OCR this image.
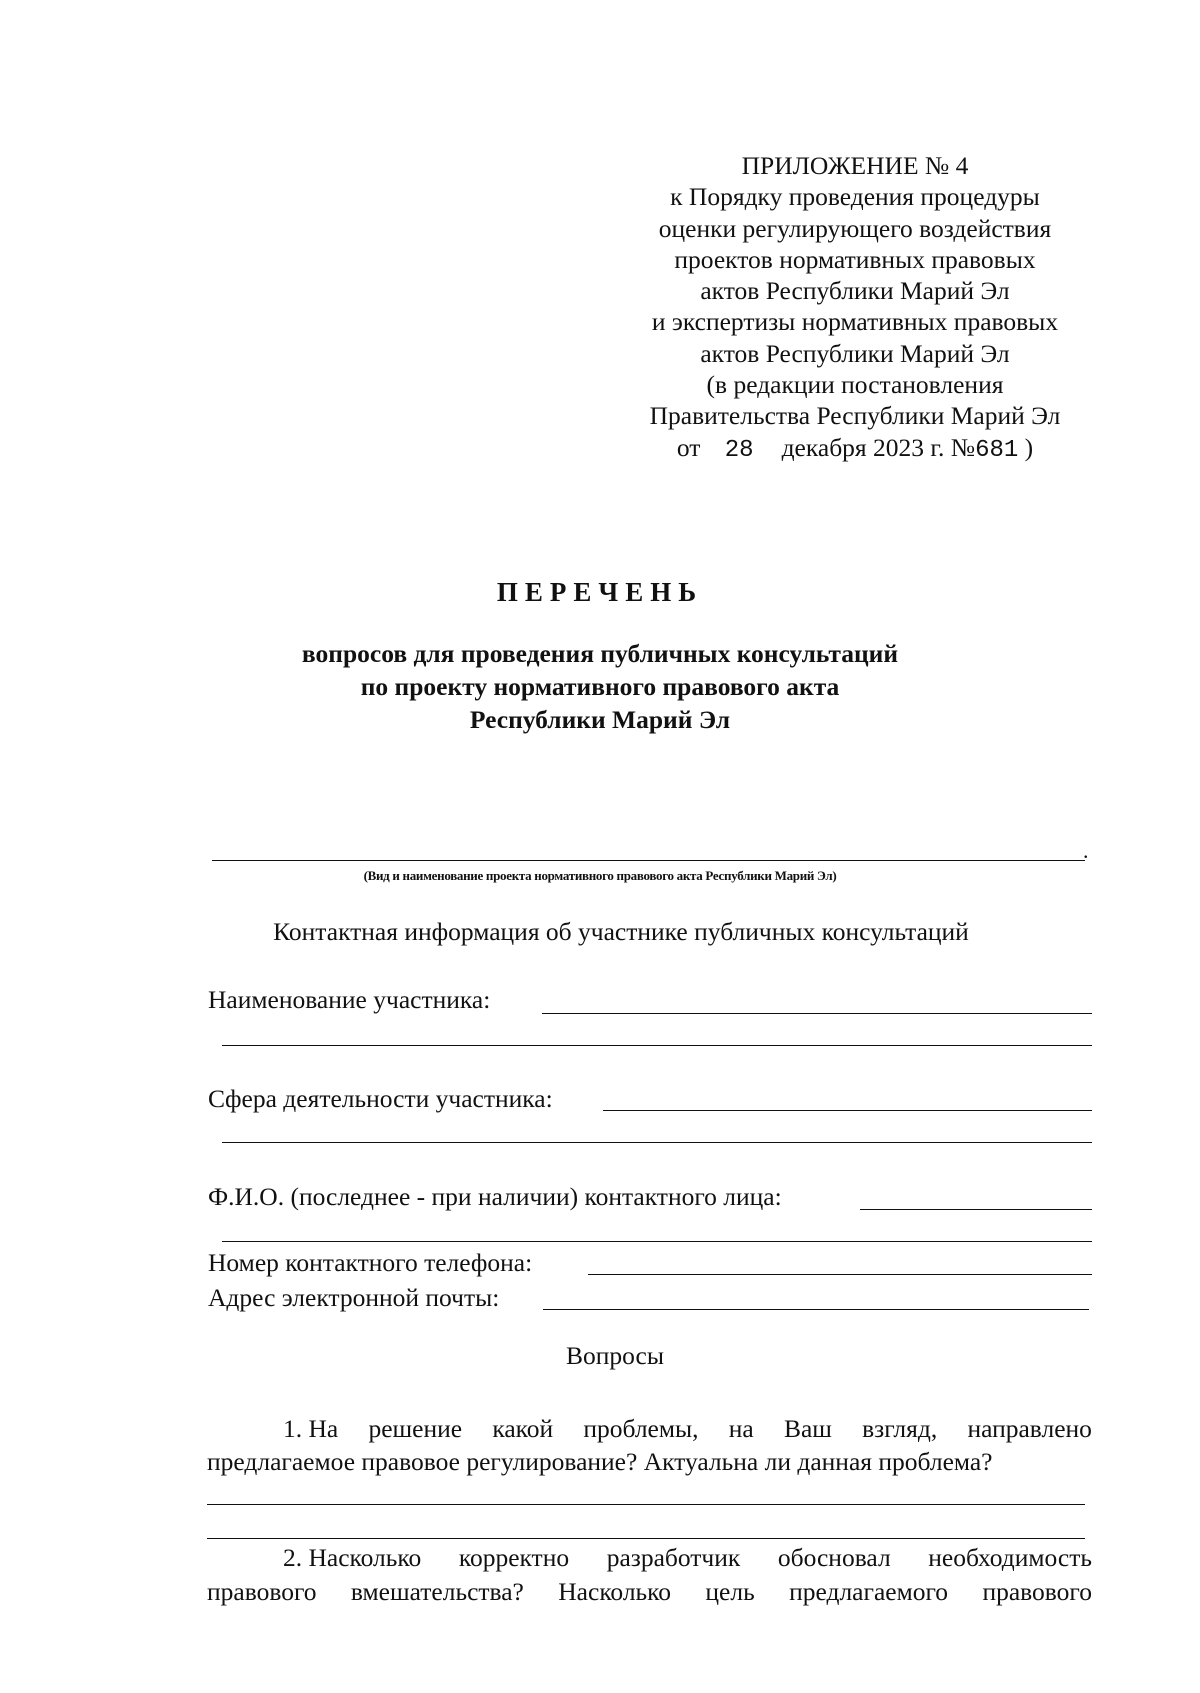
ПРИЛОЖЕНИЕ № 4
к Порядку проведения процедуры
оценки регулирующего воздействия
проектов нормативных правовых
актов Республики Марий Эл
и экспертизы нормативных правовых
актов Республики Марий Эл
(в редакции постановления
Правительства Республики Марий Эл
от 28 декабря 2023 г. №681 )
ПЕРЕЧЕНЬ
вопросов для проведения публичных консультаций
по проекту нормативного правового акта
Республики Марий Эл
.
(Вид и наименование проекта нормативного правового акта Республики Марий Эл)
Контактная информация об участнике публичных консультаций
Наименование участника:
Сфера деятельности участника:
Ф.И.О. (последнее - при наличии) контактного лица:
Номер контактного телефона:
Адрес электронной почты:
Вопросы
1. На решение какой проблемы, на Ваш взгляд, направлено
предлагаемое правовое регулирование? Актуальна ли данная проблема?
2. Насколько корректно разработчик обосновал необходимость
правового вмешательства? Насколько цель предлагаемого правового
